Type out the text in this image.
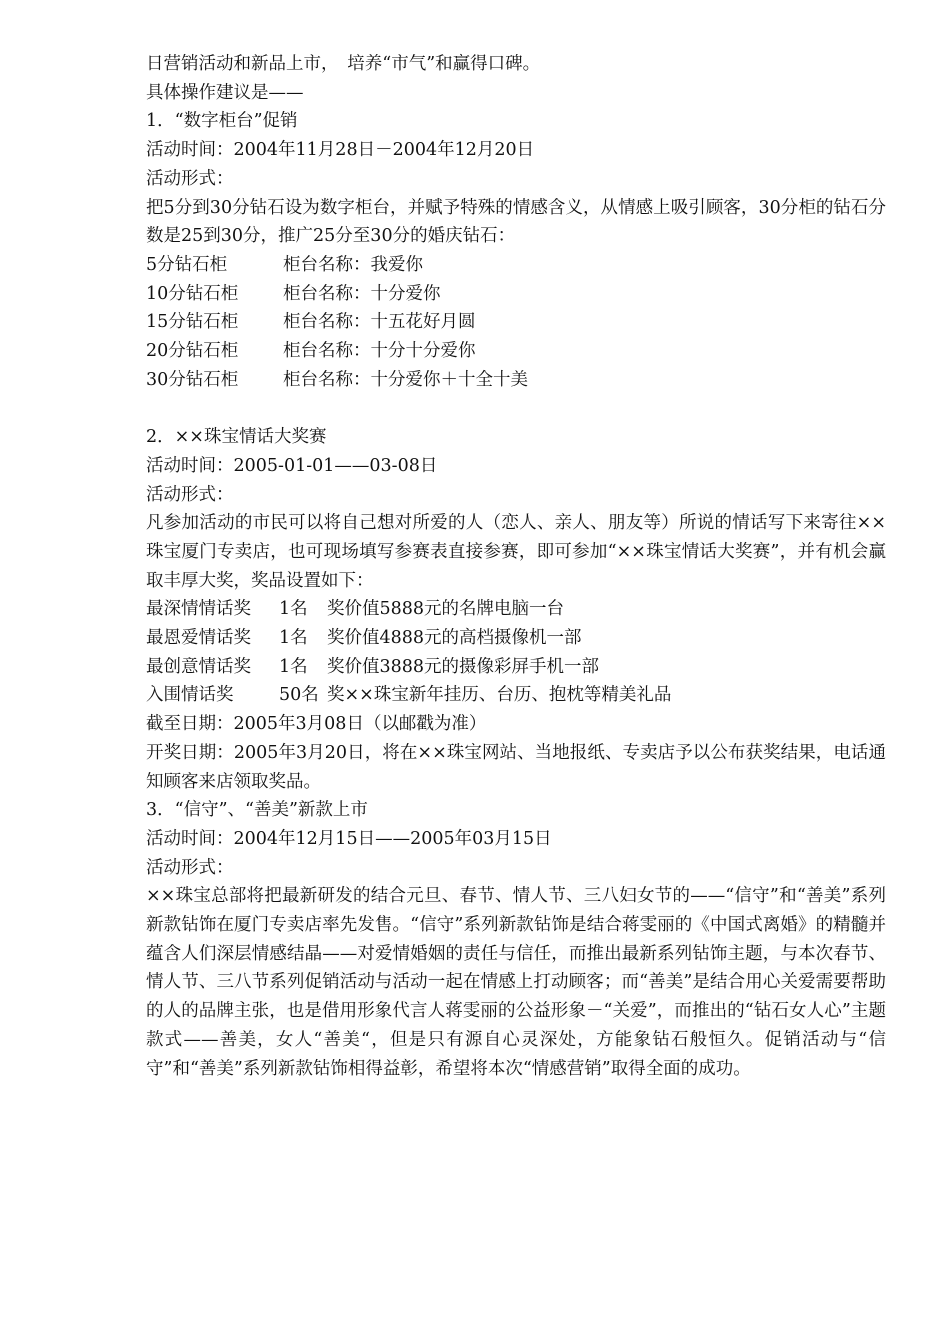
日营销活动和新品上市，　培养“市气”和赢得口碑。
具体操作建议是——
1．“数字柜台”促销
活动时间：2004年11月28日－2004年12月20日
活动形式：
把5分到30分钻石设为数字柜台，并赋予特殊的情感含义，从情感上吸引顾客，30分柜的钻石分数是25到30分，推广25分至30分的婚庆钻石：
5分钻石柜	柜台名称：我爱你
10分钻石柜	柜台名称：十分爱你
15分钻石柜	柜台名称：十五花好月圆
20分钻石柜	柜台名称：十分十分爱你
30分钻石柜	柜台名称：十分爱你＋十全十美
2．××珠宝情话大奖赛
活动时间：2005-01-01——03-08日
活动形式：
凡参加活动的市民可以将自己想对所爱的人（恋人、亲人、朋友等）所说的情话写下来寄往××珠宝厦门专卖店，也可现场填写参赛表直接参赛，即可参加“××珠宝情话大奖赛”，并有机会赢取丰厚大奖，奖品设置如下：
最深情情话奖 1名 奖价值5888元的名牌电脑一台
最恩爱情话奖 1名 奖价值4888元的高档摄像机一部
最创意情话奖 1名 奖价值3888元的摄像彩屏手机一部
入围情话奖	50名 奖××珠宝新年挂历、台历、抱枕等精美礼品
截至日期：2005年3月08日（以邮戳为准）
开奖日期：2005年3月20日，将在××珠宝网站、当地报纸、专卖店予以公布获奖结果，电话通知顾客来店领取奖品。
3．“信守”、“善美”新款上市
活动时间：2004年12月15日——2005年03月15日
活动形式：
××珠宝总部将把最新研发的结合元旦、春节、情人节、三八妇女节的——“信守”和“善美”系列新款钻饰在厦门专卖店率先发售。“信守”系列新款钻饰是结合蒋雯丽的《中国式离婚》的精髓并蕴含人们深层情感结晶——对爱情婚姻的责任与信任，而推出最新系列钻饰主题，与本次春节、情人节、三八节系列促销活动与活动一起在情感上打动顾客；而“善美”是结合用心关爱需要帮助的人的品牌主张，也是借用形象代言人蒋雯丽的公益形象－“关爱”，而推出的“钻石女人心”主题款式——善美，女人“善美“，但是只有源自心灵深处，方能象钻石般恒久。促销活动与“信守”和“善美”系列新款钻饰相得益彰，希望将本次“情感营销”取得全面的成功。
